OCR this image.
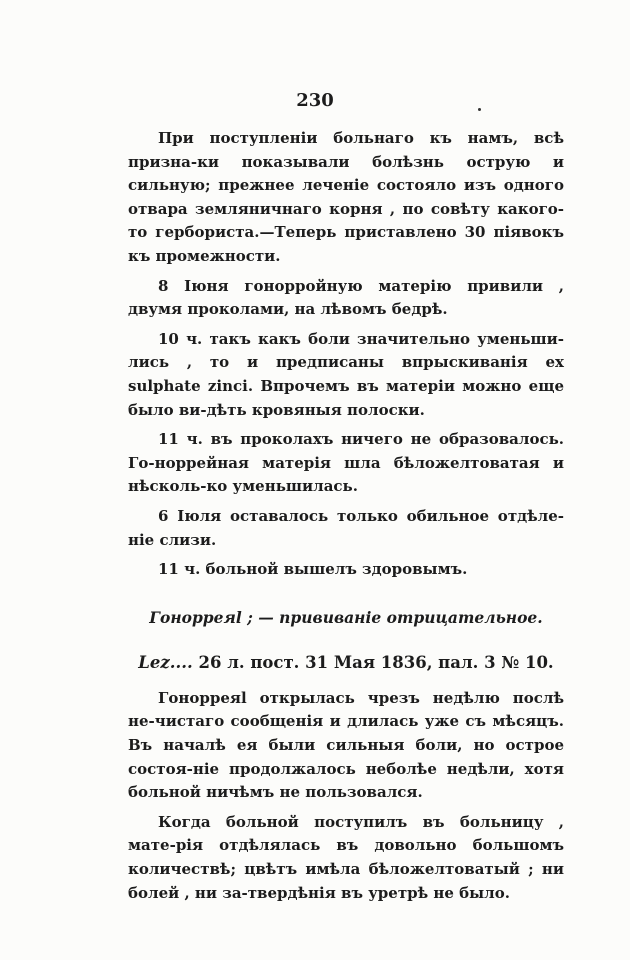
230

При поступленіи больнаго къ намъ, всѣ призна-ки показывали болѣзнь острую и сильную; прежнее леченіе состояло изъ одного отвара земляничнаго корня , по совѣту какого-то гербориста.—Теперь приставлено 30 піявокъ къ промежности.

8 Іюня гонорройную матерію привили , двумя проколами, на лѣвомъ бедрѣ.

10 ч. такъ какъ боли значительно уменьши-лись , то и предписаны впрыскиванія ex sulphate zinci. Впрочемъ въ матеріи можно еще было ви-дѣть кровяныя полоски.

11 ч. въ проколахъ ничего не образовалось. Го-норрейная матерія шла бѣложелтоватая и нѣсколь-ко уменьшилась.

6 Іюля оставалось только обильное отдѣле-ніе слизи.

11 ч. больной вышелъ здоровымъ.

Гонорреяl ; — прививаніе отрицательное.

Lez.... 26 л. пост. 31 Мая 1836, пал. 3 № 10.

Гонорреяl открылась чрезъ недѣлю послѣ не-чистаго сообщенія и длилась уже съ мѣсяцъ. Въ началѣ ея были сильныя боли, но острое состоя-ніе продолжалось неболѣе недѣли, хотя больной ничѣмъ не пользовался.

Когда больной поступилъ въ больницу , мате-рія отдѣлялась въ довольно большомъ количествѣ; цвѣтъ имѣла бѣложелтоватый ; ни болей , ни за-твердѣнія въ уретрѣ не было.
